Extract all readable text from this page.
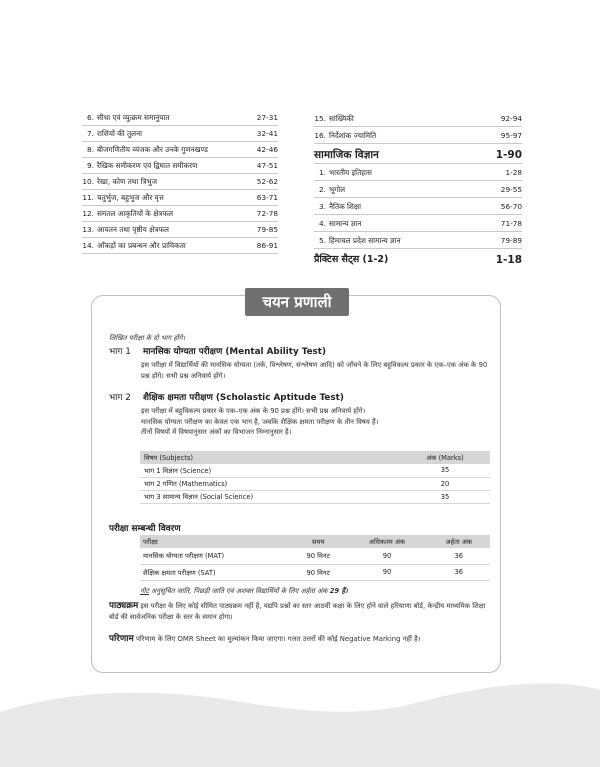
6. सीधा एवं व्युत्क्रम समानुपात	27-31
7. राशियों की तुलना	32-41
8. बीजगणितीय व्यंजक और उनके गुणनखण्ड	42-46
9. रैखिक समीकरण एवं द्विघात समीकरण	47-51
10. रेखा, कोण तथा त्रिभुज	52-62
11. चतुर्भुज, बहुभुज और वृत्त	63-71
12. समतल आकृतियों के क्षेत्रफल	72-78
13. आयतन तथा पृष्ठीय क्षेत्रफल	79-85
14. आँकड़ों का प्रबन्धन और प्रायिकता	86-91
15. सांख्यिकी	92-94
16. निर्देशांक ज्यामिति	95-97
सामाजिक विज्ञान	1-90
1. भारतीय इतिहास	1-28
2. भूगोल	29-55
3. नैतिक शिक्षा	56-70
4. सामान्य ज्ञान	71-78
5. हिमाचल प्रदेश सामान्य ज्ञान	79-89
प्रैक्टिस सैट्स (1-2)	1-18
चयन प्रणाली
लिखित परीक्षा के दो भाग होंगे।
भाग 1 मानसिक योग्यता परीक्षण (Mental Ability Test)
इस परीक्षा में विद्यार्थियों की मानसिक योग्यता (तर्क, विश्लेषण, संश्लेषण आदि) को जाँचने के लिए बहुविकल्प प्रकार के एक–एक अंक के 90 प्रश्न होंगे। सभी प्रश्न अनिवार्य होंगे।
भाग 2 शैक्षिक क्षमता परीक्षण (Scholastic Aptitude Test)
इस परीक्षा में बहुविकल्प प्रकार के एक–एक अंक के 90 प्रश्न होंगे। सभी प्रश्न अनिवार्य होंगे।
मानसिक योग्यता परीक्षण का केवल एक भाग है, जबकि शैक्षिक क्षमता परीक्षण के तीन विषय हैं।
तीनों विषयों में विषयानुसार अंकों का विभाजन निम्नानुसार है।
विषय (Subjects)	अंक (Marks)
भाग 1 विज्ञान (Science)	35
भाग 2 गणित (Mathematics)	20
भाग 3 सामान्य विज्ञान (Social Science)	35
परीक्षा सम्बन्धी विवरण
परीक्षा	समय	अधिकतम अंक	अर्हता अंक
मानसिक योग्यता परीक्षण (MAT)	90 मिनट	90	36
शैक्षिक क्षमता परीक्षण (SAT)	90 मिनट	90	36
नोट अनुसूचित जाति, पिछड़ी जाति एवं अशक्त विद्यार्थियों के लिए अर्हता अंक 29 हैं।
पाठ्यक्रम इस परीक्षा के लिए कोई सीमित पाठ्यक्रम नहीं है, यद्यपि प्रश्नों का स्तर आठवीं कक्षा के लिए होने वाले हरियाणा बोर्ड, केन्द्रीय माध्यमिक शिक्षा बोर्ड की सार्वजनिक परीक्षा के स्तर के समान होगा।
परिणाम परिणाम के लिए OMR Sheet का मूल्यांकन किया जाएगा। गलत उत्तरों की कोई Negative Marking नहीं है।
